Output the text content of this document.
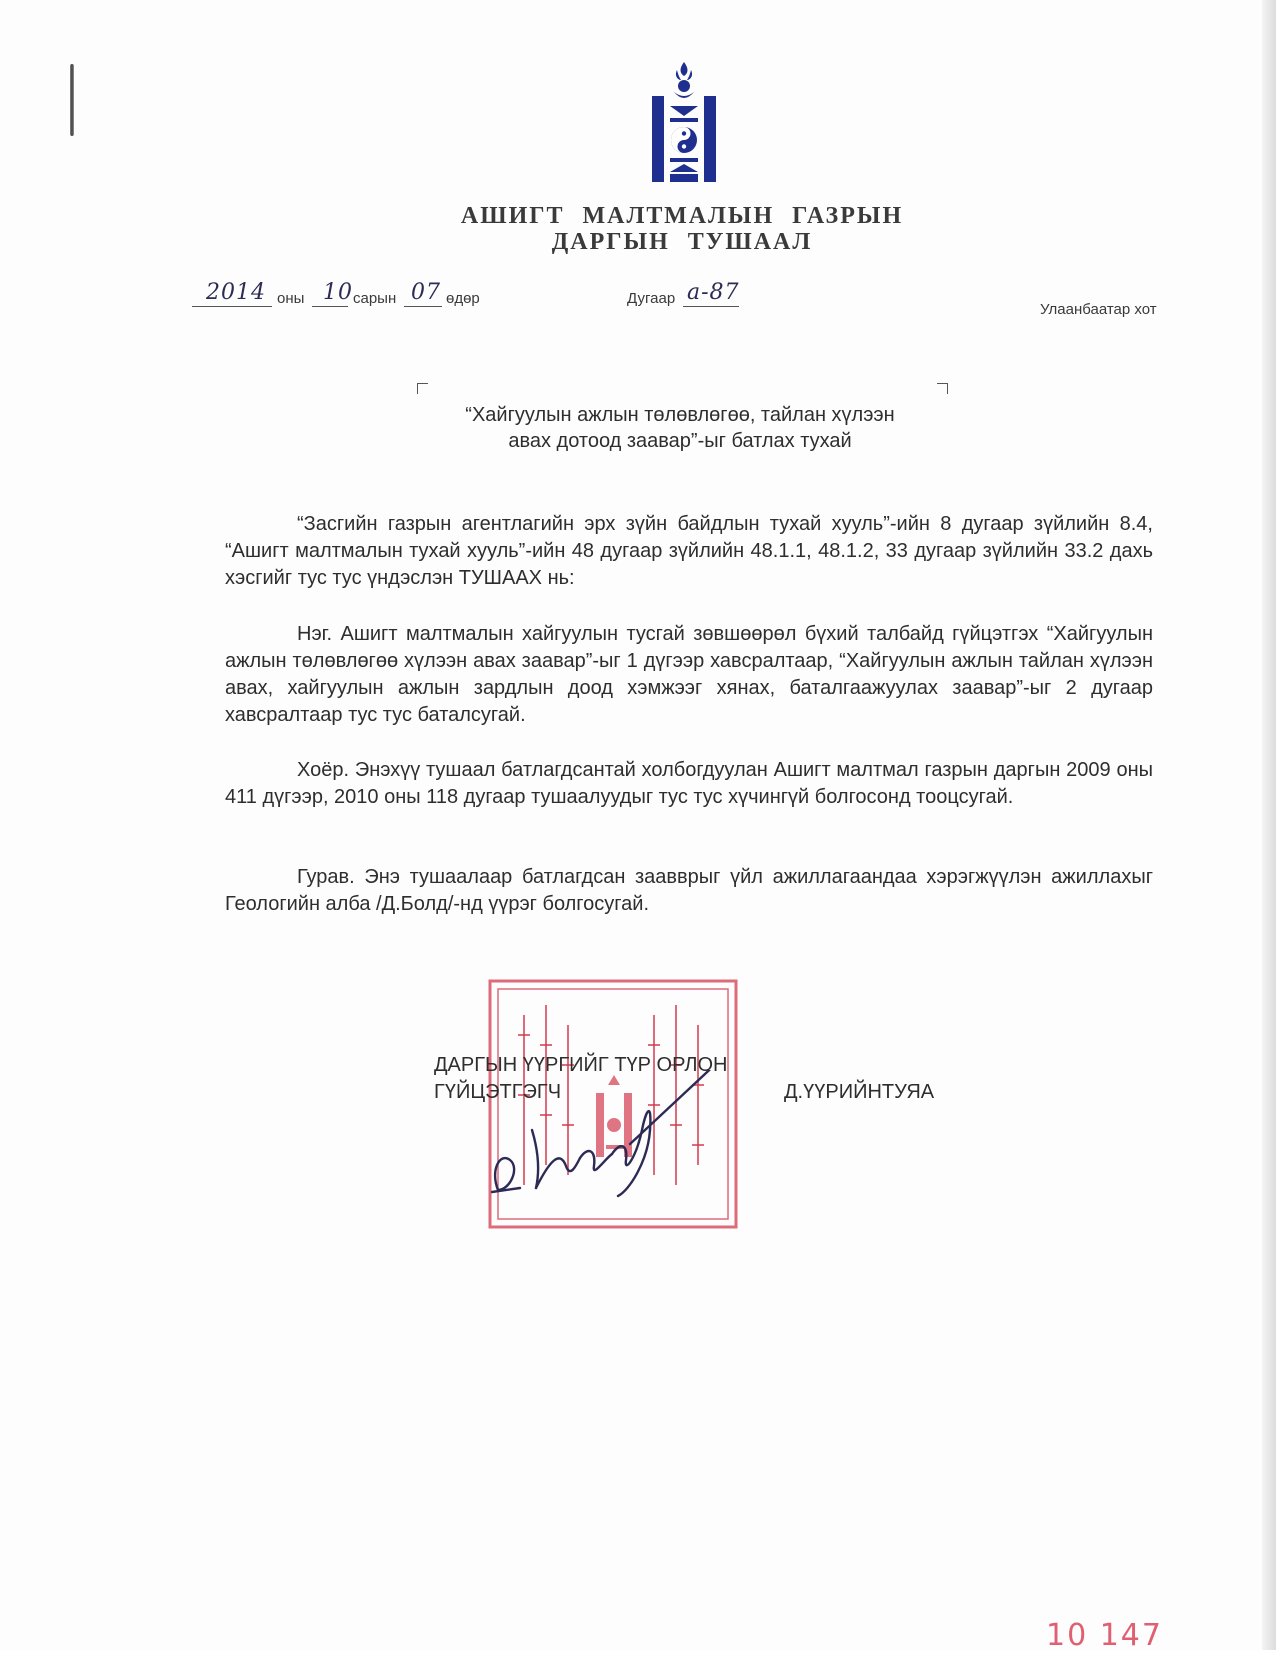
АШИГТ МАЛТМАЛЫН ГАЗРЫН
ДАРГЫН ТУШААЛ
2014 оны 10 сарын 07 өдөр	Дугаар а-87
Улаанбаатар хот
“Хайгуулын ажлын төлөвлөгөө, тайлан хүлээн
авах дотоод заавар”-ыг батлах тухай
“Засгийн газрын агентлагийн эрх зүйн байдлын тухай хууль”-ийн 8 дугаар зүйлийн 8.4, “Ашигт малтмалын тухай хууль”-ийн 48 дугаар зүйлийн 48.1.1, 48.1.2, 33 дугаар зүйлийн 33.2 дахь хэсгийг тус тус үндэслэн ТУШААХ нь:
Нэг. Ашигт малтмалын хайгуулын тусгай зөвшөөрөл бүхий талбайд гүйцэтгэх “Хайгуулын ажлын төлөвлөгөө хүлээн авах заавар”-ыг 1 дүгээр хавсралтаар, “Хайгуулын ажлын тайлан хүлээн авах, хайгуулын ажлын зардлын доод хэмжээг хянах, баталгаажуулах заавар”-ыг 2 дугаар хавсралтаар тус тус баталсугай.
Хоёр. Энэхүү тушаал батлагдсантай холбогдуулан Ашигт малтмал газрын даргын 2009 оны 411 дүгээр, 2010 оны 118 дугаар тушаалуудыг тус тус хүчингүй болгосонд тооцсугай.
Гурав. Энэ тушаалаар батлагдсан заавврыг үйл ажиллагаандаа хэрэгжүүлэн ажиллахыг Геологийн алба /Д.Болд/-нд үүрэг болгосугай.
ДАРГЫН ҮҮРГИЙГ ТҮР ОРЛОН
ГҮЙЦЭТГЭГЧ	Д.ҮҮРИЙНТУЯА
10 147
